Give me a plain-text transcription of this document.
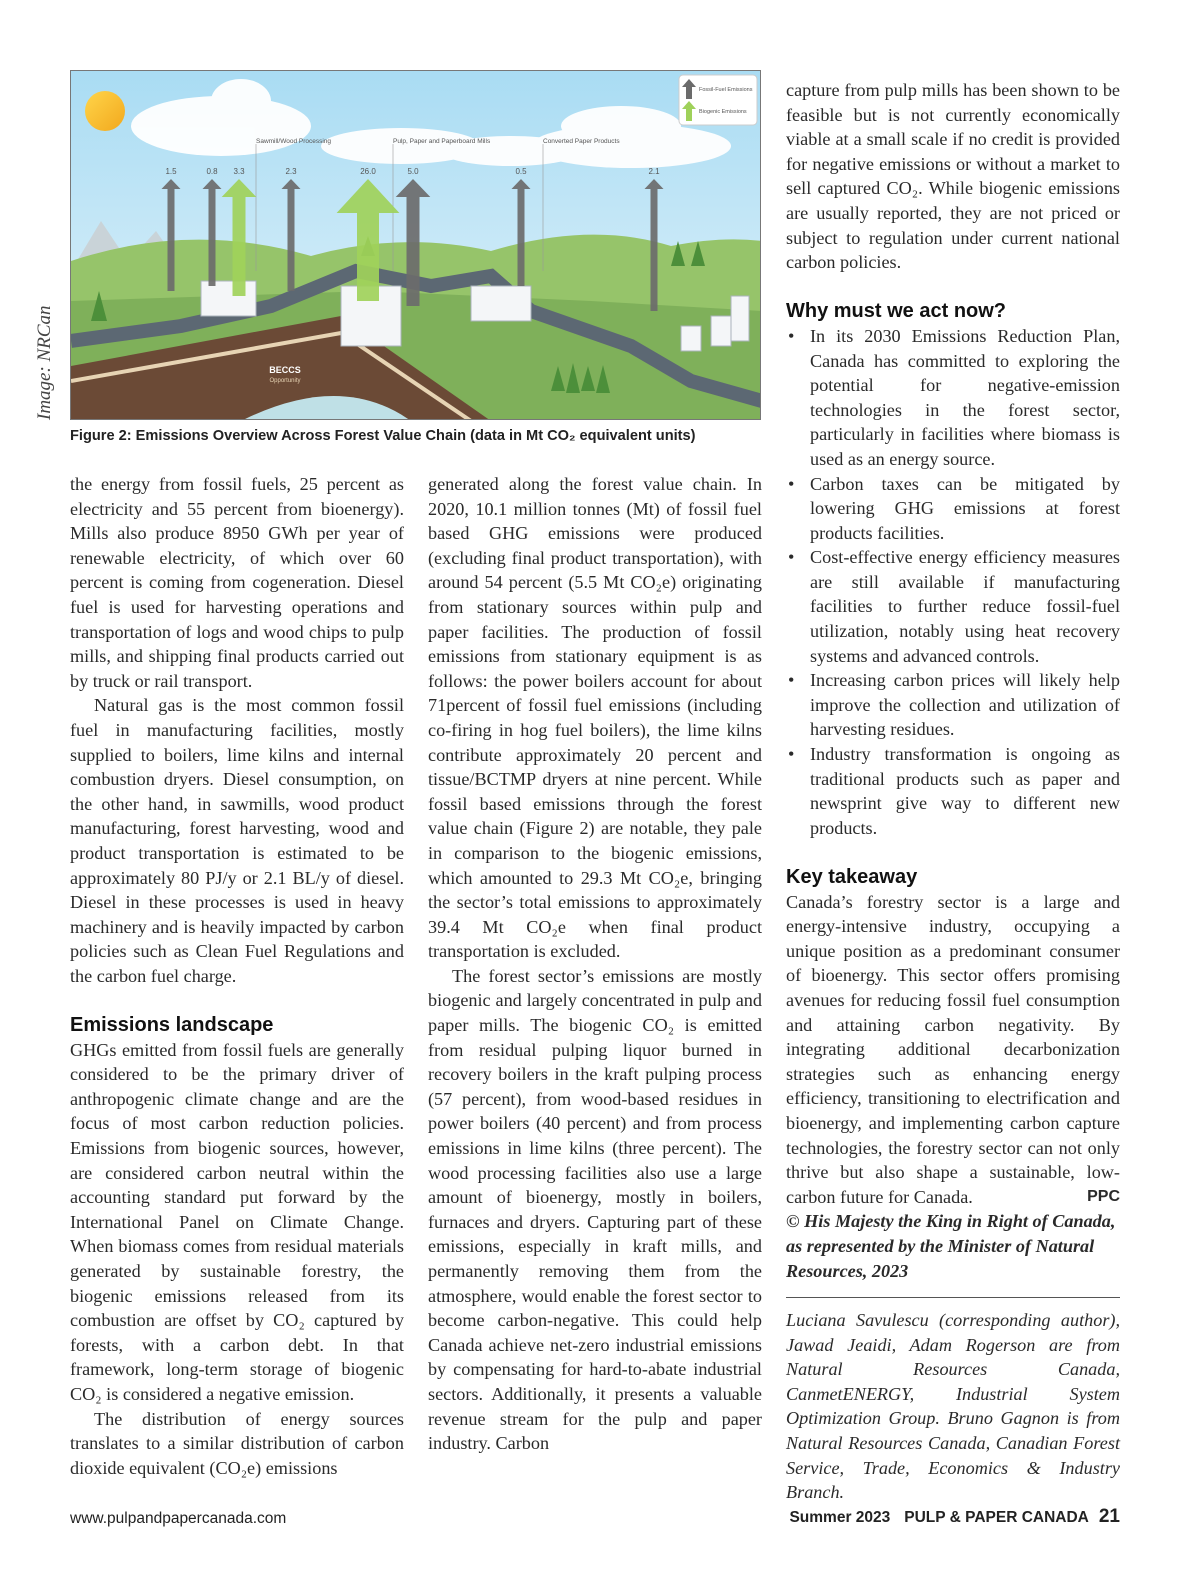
BECCS
Opportunity
Sawmill/Wood Processing	Pulp, Paper and Paperboard Mills	Converted Paper Products
1.5	0.8 3.3	2.3	26.0	5.0	0.5	2.1
Fossil-Fuel Emissions
Biogenic Emissions
Image: NRCan
Figure 2: Emissions Overview Across Forest Value Chain (data in Mt CO₂ equivalent units)

the energy from fossil fuels, 25 percent as electricity and 55 percent from bioenergy). Mills also produce 8950 GWh per year of renewable electricity, of which over 60 percent is coming from cogeneration. Diesel fuel is used for harvesting operations and transportation of logs and wood chips to pulp mills, and shipping final products carried out by truck or rail transport.

Natural gas is the most common fossil fuel in manufacturing facilities, mostly supplied to boilers, lime kilns and internal combustion dryers. Diesel consumption, on the other hand, in sawmills, wood product manufacturing, forest harvesting, wood and product transportation is estimated to be approximately 80 PJ/y or 2.1 BL/y of diesel. Diesel in these processes is used in heavy machinery and is heavily impacted by carbon policies such as Clean Fuel Regulations and the carbon fuel charge.

Emissions landscape

GHGs emitted from fossil fuels are generally considered to be the primary driver of anthropogenic climate change and are the focus of most carbon reduction policies. Emissions from biogenic sources, however, are considered carbon neutral within the accounting standard put forward by the International Panel on Climate Change. When biomass comes from residual materials generated by sustainable forestry, the biogenic emissions released from its combustion are offset by CO₂ captured by forests, with a carbon debt. In that framework, long-term storage of biogenic CO₂ is considered a negative emission.

The distribution of energy sources translates to a similar distribution of carbon dioxide equivalent (CO₂e) emissions

generated along the forest value chain. In 2020, 10.1 million tonnes (Mt) of fossil fuel based GHG emissions were produced (excluding final product transportation), with around 54 percent (5.5 Mt CO₂e) originating from stationary sources within pulp and paper facilities. The production of fossil emissions from stationary equipment is as follows: the power boilers account for about 71percent of fossil fuel emissions (including co-firing in hog fuel boilers), the lime kilns contribute approximately 20 percent and tissue/BCTMP dryers at nine percent. While fossil based emissions through the forest value chain (Figure 2) are notable, they pale in comparison to the biogenic emissions, which amounted to 29.3 Mt CO₂e, bringing the sector’s total emissions to approximately 39.4 Mt CO₂e when final product transportation is excluded.

The forest sector’s emissions are mostly biogenic and largely concentrated in pulp and paper mills. The biogenic CO₂ is emitted from residual pulping liquor burned in recovery boilers in the kraft pulping process (57 percent), from wood-based residues in power boilers (40 percent) and from process emissions in lime kilns (three percent). The wood processing facilities also use a large amount of bioenergy, mostly in boilers, furnaces and dryers. Capturing part of these emissions, especially in kraft mills, and permanently removing them from the atmosphere, would enable the forest sector to become carbon-negative. This could help Canada achieve net-zero industrial emissions by compensating for hard-to-abate industrial sectors. Additionally, it presents a valuable revenue stream for the pulp and paper industry. Carbon

capture from pulp mills has been shown to be feasible but is not currently economically viable at a small scale if no credit is provided for negative emissions or without a market to sell captured CO₂. While biogenic emissions are usually reported, they are not priced or subject to regulation under current national carbon policies.

Why must we act now?
• In its 2030 Emissions Reduction Plan, Canada has committed to exploring the potential for negative-emission technologies in the forest sector, particularly in facilities where biomass is used as an energy source.
• Carbon taxes can be mitigated by lowering GHG emissions at forest products facilities.
• Cost-effective energy efficiency measures are still available if manufacturing facilities to further reduce fossil-fuel utilization, notably using heat recovery systems and advanced controls.
• Increasing carbon prices will likely help improve the collection and utilization of harvesting residues.
• Industry transformation is ongoing as traditional products such as paper and newsprint give way to different new products.
Key takeaway

Canada’s forestry sector is a large and energy-intensive industry, occupying a unique position as a predominant consumer of bioenergy. This sector offers promising avenues for reducing fossil fuel consumption and attaining carbon negativity. By integrating additional decarbonization strategies such as enhancing energy efficiency, transitioning to electrification and bioenergy, and implementing carbon capture technologies, the forestry sector can not only thrive but also shape a sustainable, low-carbon future for Canada.	PPC

© His Majesty the King in Right of Canada, as represented by the Minister of Natural Resources, 2023

Luciana Savulescu (corresponding author), Jawad Jeaidi, Adam Rogerson are from Natural Resources Canada, CanmetENERGY, Industrial System Optimization Group. Bruno Gagnon is from Natural Resources Canada, Canadian Forest Service, Trade, Economics & Industry Branch.

www.pulpandpapercanada.com	Summer 2023 PULP & PAPER CANADA 21
